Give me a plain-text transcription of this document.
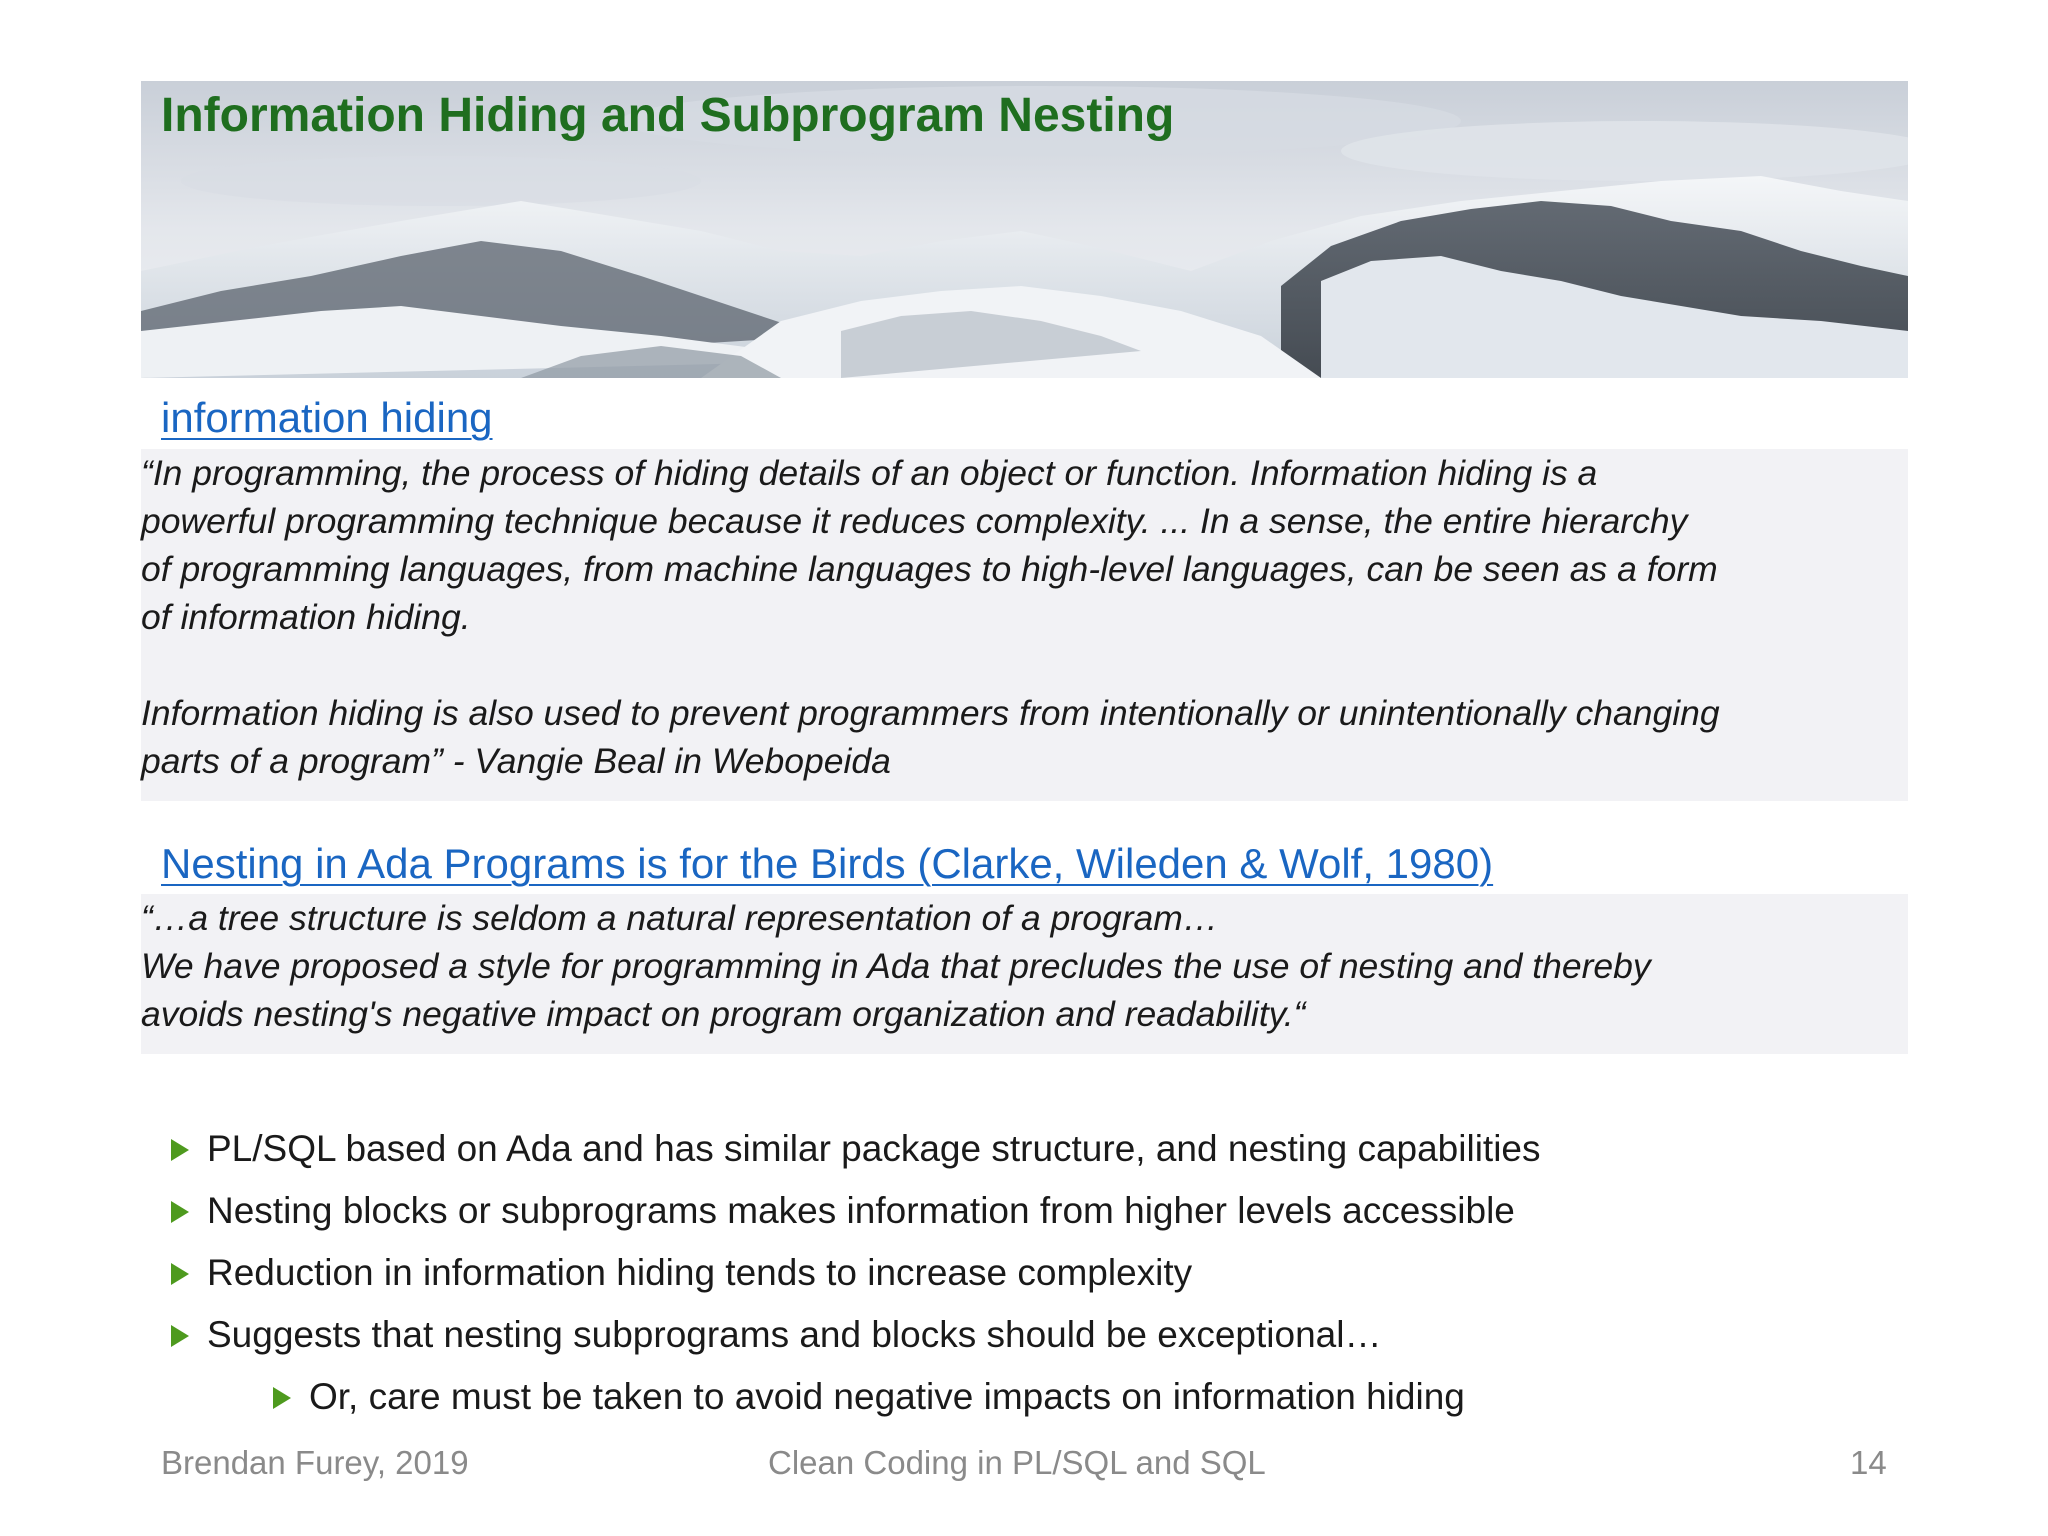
Information Hiding and Subprogram Nesting
information hiding

“In programming, the process of hiding details of an object or function. Information hiding is a

powerful programming technique because it reduces complexity. ... In a sense, the entire hierarchy

of programming languages, from machine languages to high-level languages, can be seen as a form

of information hiding.

Information hiding is also used to prevent programmers from intentionally or unintentionally changing

parts of a program” - Vangie Beal in Webopeida

Nesting in Ada Programs is for the Birds (Clarke, Wileden & Wolf, 1980)

“…a tree structure is seldom a natural representation of a program…

We have proposed a style for programming in Ada that precludes the use of nesting and thereby

avoids nesting's negative impact on program organization and readability.“

PL/SQL based on Ada and has similar package structure, and nesting capabilities
Nesting blocks or subprograms makes information from higher levels accessible
Reduction in information hiding tends to increase complexity
Suggests that nesting subprograms and blocks should be exceptional…
Or, care must be taken to avoid negative impacts on information hiding
Brendan Furey, 2019	Clean Coding in PL/SQL and SQL	14
